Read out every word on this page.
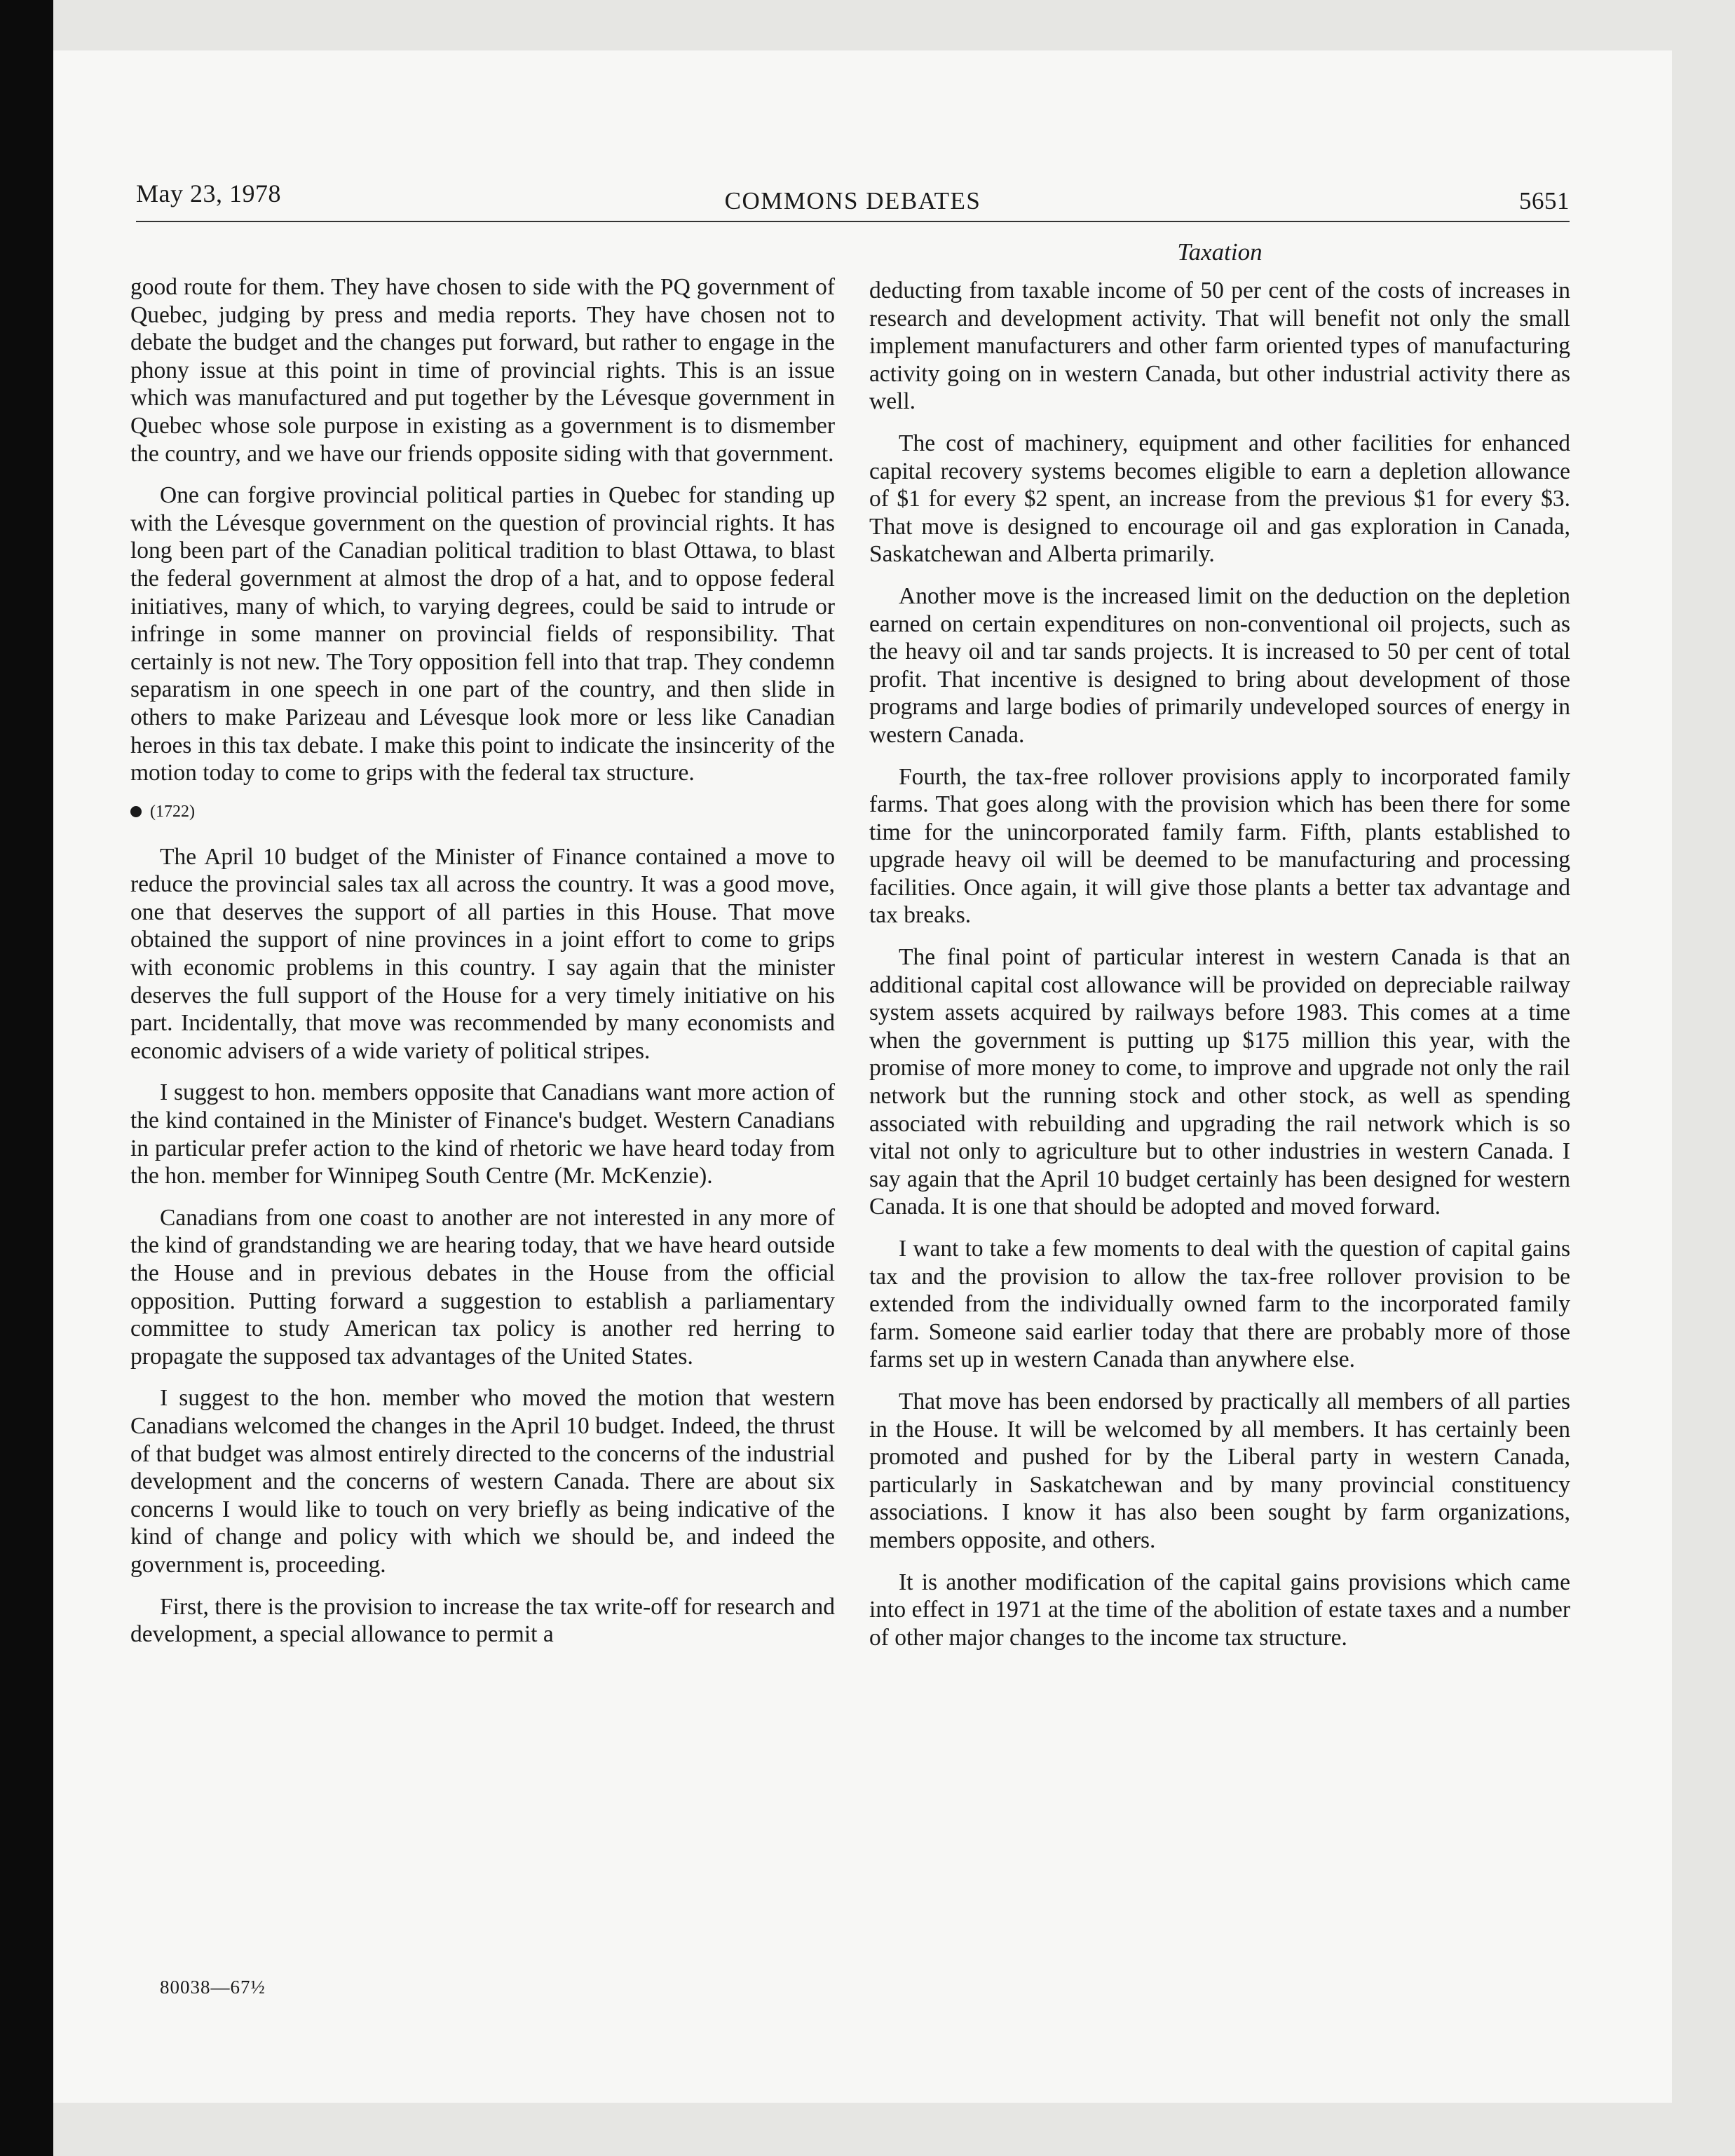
May 23, 1978	COMMONS DEBATES	5651
Taxation

good route for them. They have chosen to side with the PQ government of Quebec, judging by press and media reports. They have chosen not to debate the budget and the changes put forward, but rather to engage in the phony issue at this point in time of provincial rights. This is an issue which was manufactured and put together by the Lévesque government in Quebec whose sole purpose in existing as a government is to dismember the country, and we have our friends opposite siding with that government.

One can forgive provincial political parties in Quebec for standing up with the Lévesque government on the question of provincial rights. It has long been part of the Canadian political tradition to blast Ottawa, to blast the federal government at almost the drop of a hat, and to oppose federal initiatives, many of which, to varying degrees, could be said to intrude or infringe in some manner on provincial fields of responsibility. That certainly is not new. The Tory opposition fell into that trap. They condemn separatism in one speech in one part of the country, and then slide in others to make Parizeau and Lévesque look more or less like Canadian heroes in this tax debate. I make this point to indicate the insincerity of the motion today to come to grips with the federal tax structure.

(1722)

The April 10 budget of the Minister of Finance contained a move to reduce the provincial sales tax all across the country. It was a good move, one that deserves the support of all parties in this House. That move obtained the support of nine provinces in a joint effort to come to grips with economic problems in this country. I say again that the minister deserves the full support of the House for a very timely initiative on his part. Incidentally, that move was recommended by many economists and economic advisers of a wide variety of political stripes.

I suggest to hon. members opposite that Canadians want more action of the kind contained in the Minister of Finance's budget. Western Canadians in particular prefer action to the kind of rhetoric we have heard today from the hon. member for Winnipeg South Centre (Mr. McKenzie).

Canadians from one coast to another are not interested in any more of the kind of grandstanding we are hearing today, that we have heard outside the House and in previous debates in the House from the official opposition. Putting forward a suggestion to establish a parliamentary committee to study American tax policy is another red herring to propagate the supposed tax advantages of the United States.

I suggest to the hon. member who moved the motion that western Canadians welcomed the changes in the April 10 budget. Indeed, the thrust of that budget was almost entirely directed to the concerns of the industrial development and the concerns of western Canada. There are about six concerns I would like to touch on very briefly as being indicative of the kind of change and policy with which we should be, and indeed the government is, proceeding.

First, there is the provision to increase the tax write-off for research and development, a special allowance to permit a

deducting from taxable income of 50 per cent of the costs of increases in research and development activity. That will benefit not only the small implement manufacturers and other farm oriented types of manufacturing activity going on in western Canada, but other industrial activity there as well.

The cost of machinery, equipment and other facilities for enhanced capital recovery systems becomes eligible to earn a depletion allowance of $1 for every $2 spent, an increase from the previous $1 for every $3. That move is designed to encourage oil and gas exploration in Canada, Saskatchewan and Alberta primarily.

Another move is the increased limit on the deduction on the depletion earned on certain expenditures on non-conventional oil projects, such as the heavy oil and tar sands projects. It is increased to 50 per cent of total profit. That incentive is designed to bring about development of those programs and large bodies of primarily undeveloped sources of energy in western Canada.

Fourth, the tax-free rollover provisions apply to incorporated family farms. That goes along with the provision which has been there for some time for the unincorporated family farm. Fifth, plants established to upgrade heavy oil will be deemed to be manufacturing and processing facilities. Once again, it will give those plants a better tax advantage and tax breaks.

The final point of particular interest in western Canada is that an additional capital cost allowance will be provided on depreciable railway system assets acquired by railways before 1983. This comes at a time when the government is putting up $175 million this year, with the promise of more money to come, to improve and upgrade not only the rail network but the running stock and other stock, as well as spending associated with rebuilding and upgrading the rail network which is so vital not only to agriculture but to other industries in western Canada. I say again that the April 10 budget certainly has been designed for western Canada. It is one that should be adopted and moved forward.

I want to take a few moments to deal with the question of capital gains tax and the provision to allow the tax-free rollover provision to be extended from the individually owned farm to the incorporated family farm. Someone said earlier today that there are probably more of those farms set up in western Canada than anywhere else.

That move has been endorsed by practically all members of all parties in the House. It will be welcomed by all members. It has certainly been promoted and pushed for by the Liberal party in western Canada, particularly in Saskatchewan and by many provincial constituency associations. I know it has also been sought by farm organizations, members opposite, and others.

It is another modification of the capital gains provisions which came into effect in 1971 at the time of the abolition of estate taxes and a number of other major changes to the income tax structure.

80038—67½
